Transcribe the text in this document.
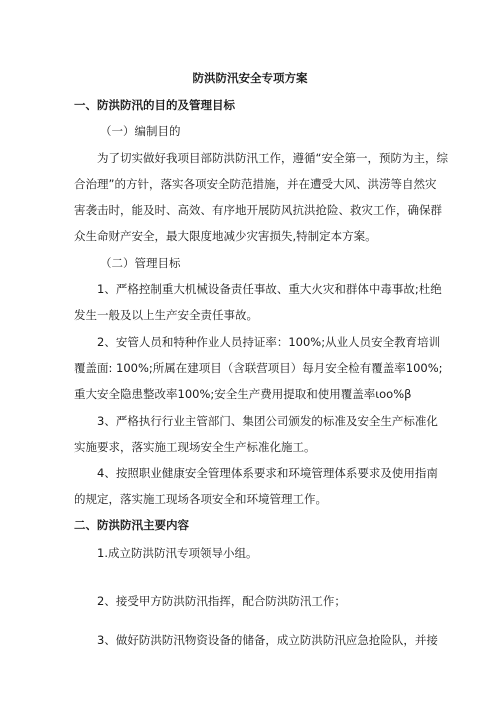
防洪防汛安全专项方案
一、防洪防汛的目的及管理目标
（一）编制目的
为了切实做好我项目部防洪防汛工作，遵循“安全第一，预防为主，综
合治理”的方针，落实各项安全防范措施，并在遭受大风、洪涝等自然灾
害袭击时，能及时、高效、有序地开展防风抗洪抢险、救灾工作，确保群
众生命财产安全，最大限度地减少灾害损失,特制定本方案。
（二）管理目标
1、严格控制重大机械设备责任事故、重大火灾和群体中毒事故;杜绝
发生一般及以上生产安全责任事故。
2、安管人员和特种作业人员持证率：100%;从业人员安全教育培训
覆盖面: 100%;所属在建项目（含联营项目）每月安全检有覆盖率100%;
重大安全隐患整改率100%;安全生产费用提取和使用覆盖率ιoo%β
3、严格执行行业主管部门、集团公司颁发的标准及安全生产标准化
实施要求，落实施工现场安全生产标准化施工。
4、按照职业健康安全管理体系要求和环境管理体系要求及使用指南
的规定，落实施工现场各项安全和环境管理工作。
二、防洪防汛主要内容
1.成立防洪防汛专项领导小组。
2、接受甲方防洪防汛指挥，配合防洪防汛工作；
3、做好防洪防汛物资设备的储备，成立防洪防汛应急抢险队，并接
